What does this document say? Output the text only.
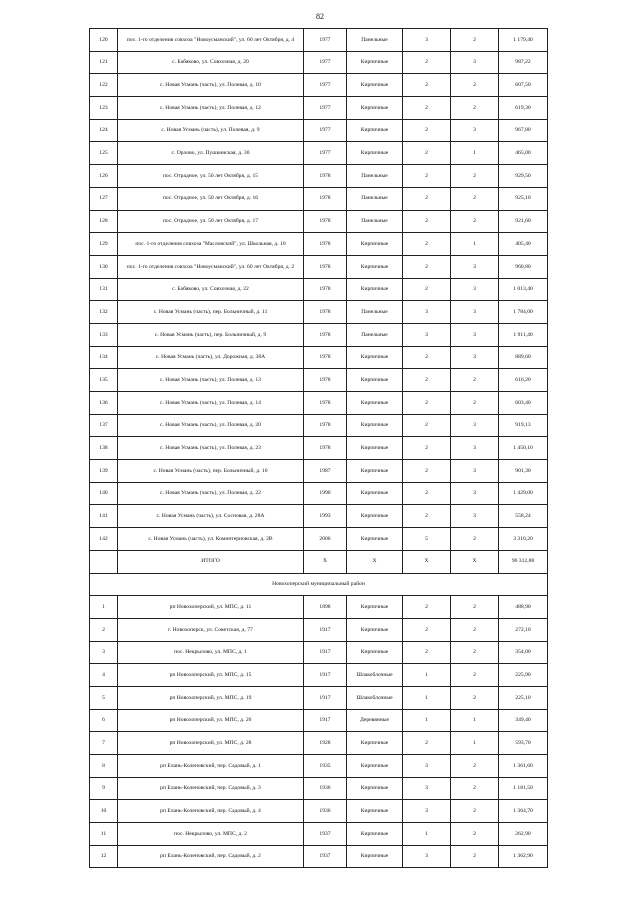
82
120	пос. 1-го отделения совхоза "Новоусманский", ул. 60 лет Октября, д. 4	1977	Панельные	3	2	1 179,40
121	с. Бабяково, ул. Совхозная, д. 20	1977	Кирпичные	2	3	987,22
122	с. Новая Усмань (часть), ул. Полевая, д. 10	1977	Кирпичные	2	2	607,50
123	с. Новая Усмань (часть), ул. Полевая, д. 12	1977	Кирпичные	2	2	619,30
124	с. Новая Усмань (часть), ул. Полевая, д. 9	1977	Кирпичные	2	3	967,80
125	с. Орлово, ул. Пушкинская, д. 30	1977	Кирпичные	2	1	465,00
126	пос. Отрадное, ул. 50 лет Октября, д. 15	1978	Панельные	2	2	929,50
127	пос. Отрадное, ул. 50 лет Октября, д. 16	1978	Панельные	2	2	925,10
128	пос. Отрадное, ул. 50 лет Октября, д. 17	1978	Панельные	2	2	921,60
129	пос. 1-го отделения совхоза "Масловский", ул. Школьная, д. 10	1978	Кирпичные	2	1	405,40
130	пос. 1-го отделения совхоза "Новоусманский", ул. 60 лет Октября, д. 2	1978	Кирпичные	2	3	960,80
131	с. Бабяково, ул. Совхозная, д. 22	1978	Кирпичные	2	3	1 013,40
132	с. Новая Усмань (часть), пер. Больничный, д. 11	1978	Панельные	3	3	1 784,00
133	с. Новая Усмань (часть), пер. Больничный, д. 9	1978	Панельные	3	3	1 911,40
134	с. Новая Усмань (часть), ул. Дорожная, д. 38А	1978	Кирпичные	2	3	889,60
135	с. Новая Усмань (часть), ул. Полевая, д. 13	1978	Кирпичные	2	2	616,20
136	с. Новая Усмань (часть), ул. Полевая, д. 14	1978	Кирпичные	2	2	603,40
137	с. Новая Усмань (часть), ул. Полевая, д. 20	1978	Кирпичные	2	3	919,13
138	с. Новая Усмань (часть), ул. Полевая, д. 23	1978	Кирпичные	2	3	1 450,10
139	с. Новая Усмань (часть), пер. Больничный, д. 10	1987	Кирпичные	2	3	901,30
140	с. Новая Усмань (часть), ул. Полевая, д. 22	1990	Кирпичные	2	3	1 429,00
141	с. Новая Усмань (часть), ул. Сосновая, д. 28А	1993	Кирпичные	2	3	558,24
142	с. Новая Усмань (часть), ул. Коминтерновская, д. 2В	2006	Кирпичные	5	2	3 310,20
	ИТОГО	Х	Х	Х	Х	96 312,88
Новохоперский муниципальный район						
1	рп Новохоперский, ул. МПС, д. 11	1898	Кирпичные	2	2	488,90
2	г. Новохоперск, ул. Советская, д. 77	1917	Кирпичные	2	2	272,10
3	пос. Некрылово, ул. МПС, д. 1	1917	Кирпичные	2	2	354,00
4	рп Новохоперский, ул. МПС, д. 15	1917	Шлакоблочные	1	2	225,90
5	рп Новохоперский, ул. МПС, д. 19	1917	Шлакоблочные	1	2	225,10
6	рп Новохоперский, ул. МПС, д. 26	1917	Деревянные	1	1	349,40
7	рп Новохоперский, ул. МПС, д. 28	1928	Кирпичные	2	1	593,70
8	рп Елань-Коленовский, пер. Садовый, д. 1	1935	Кирпичные	3	2	1 361,60
9	рп Елань-Коленовский, пер. Садовый, д. 3	1936	Кирпичные	3	2	1 181,50
10	рп Елань-Коленовский, пер. Садовый, д. 4	1936	Кирпичные	3	2	1 364,70
11	пос. Некрылово, ул. МПС, д. 2	1937	Кирпичные	1	2	262,90
12	рп Елань-Коленовский, пер. Садовый, д. 2	1937	Кирпичные	3	2	1 362,90
